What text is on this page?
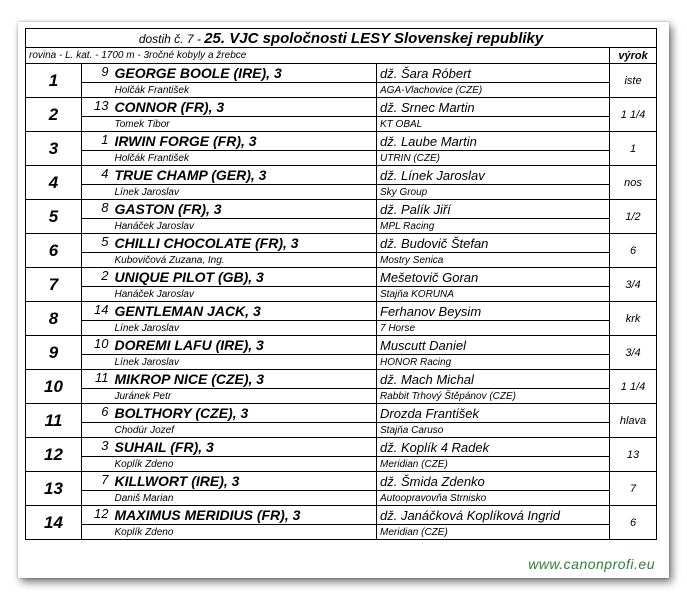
dostih č. 7 - 25. VJC spoločnosti LESY Slovenskej republiky				
rovina - L. kat. - 1700 m - 3ročné kobyly a žrebce				výrok
1	9	GEORGE BOOLE (IRE), 3	dž. Šara Róbert	iste
		Holčák František	AGA-Vlachovice (CZE)	
2	13	CONNOR (FR), 3	dž. Srnec Martin	1 1/4
		Tomek Tibor	KT OBAL	
3	1	IRWIN FORGE (FR), 3	dž. Laube Martin	1
		Holčák František	UTRIN (CZE)	
4	4	TRUE CHAMP (GER), 3	dž. Línek Jaroslav	nos
		Línek Jaroslav	Sky Group	
5	8	GASTON (FR), 3	dž. Palík Jiří	1/2
		Hanáček Jaroslav	MPL Racing	
6	5	CHILLI CHOCOLATE (FR), 3	dž. Budovič Štefan	6
		Kubovičová Zuzana, Ing.	Mostry Senica	
7	2	UNIQUE PILOT (GB), 3	Mešetovič Goran	3/4
		Hanáček Jaroslav	Stajňa KORUNA	
8	14	GENTLEMAN JACK, 3	Ferhanov Beysim	krk
		Línek Jaroslav	7 Horse	
9	10	DOREMI LAFU (IRE), 3	Muscutt Daniel	3/4
		Línek Jaroslav	HONOR Racing	
10	11	MIKROP NICE (CZE), 3	dž. Mach Michal	1 1/4
		Juránek Petr	Rabbit Trhový Štěpánov (CZE)	
11	6	BOLTHORY (CZE), 3	Drozda František	hlava
		Chodúr Jozef	Stajňa Caruso	
12	3	SUHAIL (FR), 3	dž. Koplík 4 Radek	13
		Koplík Zdeno	Meridian (CZE)	
13	7	KILLWORT (IRE), 3	dž. Šmida Zdenko	7
		Daniš Marian	Autoopravovňa Strnisko	
14	12	MAXIMUS MERIDIUS (FR), 3	dž. Janáčková Koplíková Ingrid	6
		Koplík Zdeno	Meridian (CZE)	
www.canonprofi.eu
